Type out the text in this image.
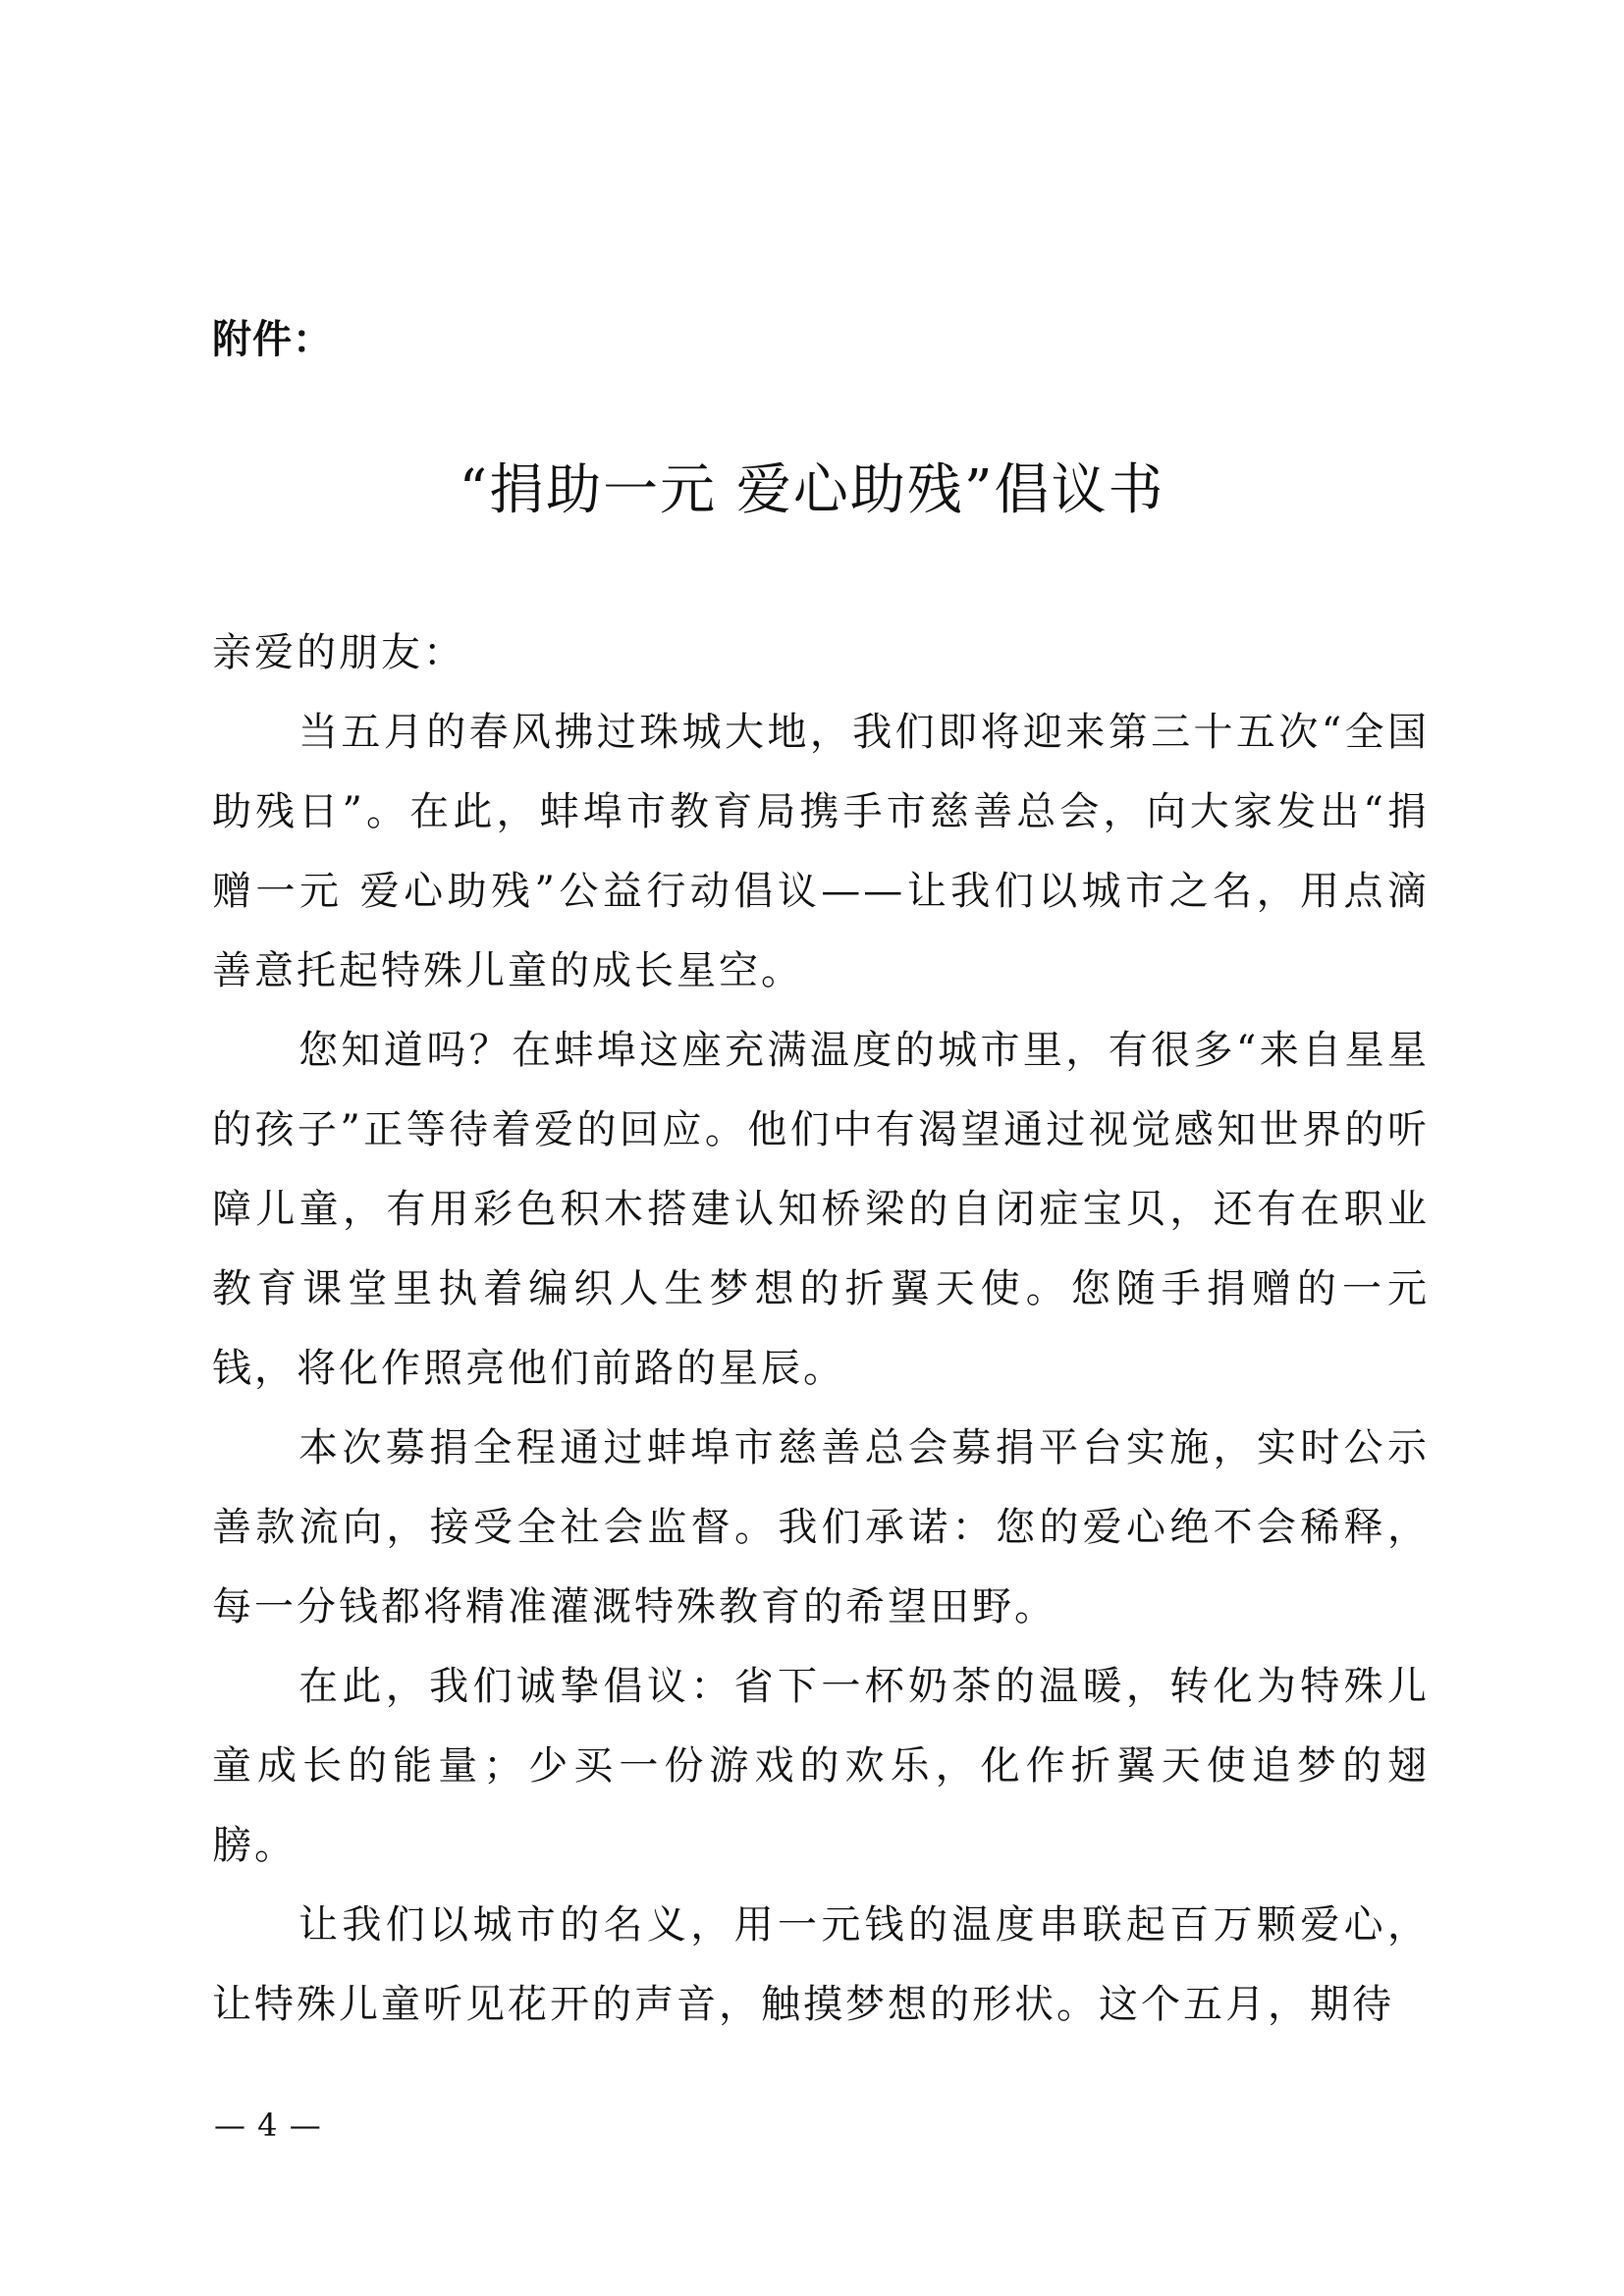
附件：
“捐助一元 爱心助残”倡议书

亲爱的朋友：

当五月的春风拂过珠城大地，我们即将迎来第三十五次“全国助残日”。在此，蚌埠市教育局携手市慈善总会，向大家发出“捐赠一元 爱心助残”公益行动倡议——让我们以城市之名，用点滴善意托起特殊儿童的成长星空。

您知道吗？在蚌埠这座充满温度的城市里，有很多“来自星星的孩子”正等待着爱的回应。他们中有渴望通过视觉感知世界的听障儿童，有用彩色积木搭建认知桥梁的自闭症宝贝，还有在职业教育课堂里执着编织人生梦想的折翼天使。您随手捐赠的一元钱，将化作照亮他们前路的星辰。

本次募捐全程通过蚌埠市慈善总会募捐平台实施，实时公示善款流向，接受全社会监督。我们承诺：您的爱心绝不会稀释，每一分钱都将精准灌溉特殊教育的希望田野。

在此，我们诚挚倡议：省下一杯奶茶的温暖，转化为特殊儿童成长的能量；少买一份游戏的欢乐，化作折翼天使追梦的翅膀。

让我们以城市的名义，用一元钱的温度串联起百万颗爱心，让特殊儿童听见花开的声音，触摸梦想的形状。这个五月，期待

— 4 —
